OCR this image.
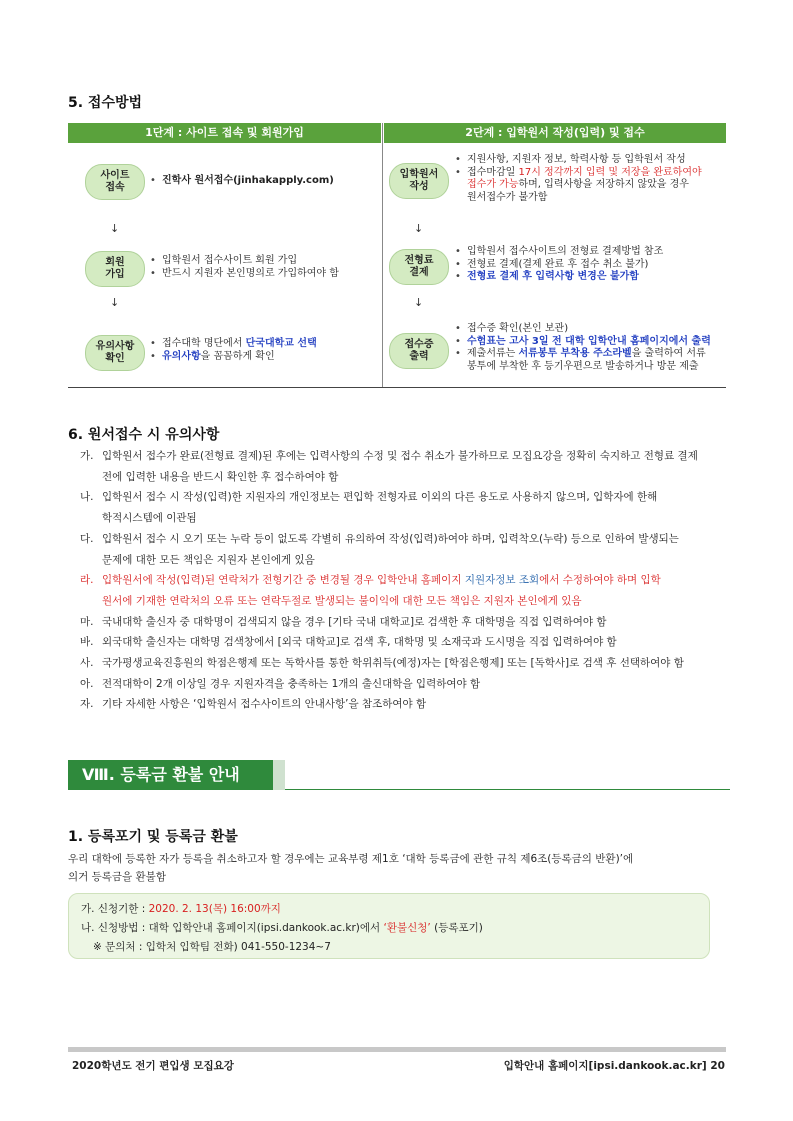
5. 접수방법
1단계 : 사이트 접속 및 회원가입	2단계 : 입학원서 작성(입력) 및 접수
사이트
접속
• 진학사 원서접수(jinhakapply.com)
↓
회원
가입
• 입학원서 접수사이트 회원 가입
• 반드시 지원자 본인명의로 가입하여야 함
↓
유의사항
확인
• 접수대학 명단에서 단국대학교 선택
• 유의사항을 꼼꼼하게 확인
입학원서
작성
• 지원사항, 지원자 정보, 학력사항 등 입학원서 작성
• 접수마감일 17시 정각까지 입력 및 저장을 완료하여야
접수가 가능하며, 입력사항을 저장하지 않았을 경우
원서접수가 불가함
↓
전형료
결제
• 입학원서 접수사이트의 전형료 결제방법 참조
• 전형료 결제(결제 완료 후 접수 취소 불가)
• 전형료 결제 후 입력사항 변경은 불가함
↓
접수증
출력
• 접수증 확인(본인 보관)
• 수험표는 고사 3일 전 대학 입학안내 홈페이지에서 출력
• 제출서류는 서류봉투 부착용 주소라벨을 출력하여 서류
봉투에 부착한 후 등기우편으로 발송하거나 방문 제출
6. 원서접수 시 유의사항
가. 입학원서 접수가 완료(전형료 결제)된 후에는 입력사항의 수정 및 접수 취소가 불가하므로 모집요강을 정확히 숙지하고 전형료 결제
전에 입력한 내용을 반드시 확인한 후 접수하여야 함
나. 입학원서 접수 시 작성(입력)한 지원자의 개인정보는 편입학 전형자료 이외의 다른 용도로 사용하지 않으며, 입학자에 한해
학적시스템에 이관됨
다. 입학원서 접수 시 오기 또는 누락 등이 없도록 각별히 유의하여 작성(입력)하여야 하며, 입력착오(누락) 등으로 인하여 발생되는
문제에 대한 모든 책임은 지원자 본인에게 있음
라. 입학원서에 작성(입력)된 연락처가 전형기간 중 변경될 경우 입학안내 홈페이지 지원자정보 조회에서 수정하여야 하며 입학
원서에 기재한 연락처의 오류 또는 연락두절로 발생되는 불이익에 대한 모든 책임은 지원자 본인에게 있음
마. 국내대학 출신자 중 대학명이 검색되지 않을 경우 [기타 국내 대학교]로 검색한 후 대학명을 직접 입력하여야 함
바. 외국대학 출신자는 대학명 검색창에서 [외국 대학교]로 검색 후, 대학명 및 소재국과 도시명을 직접 입력하여야 함
사. 국가평생교육진흥원의 학점은행제 또는 독학사를 통한 학위취득(예정)자는 [학점은행제] 또는 [독학사]로 검색 후 선택하여야 함
아. 전적대학이 2개 이상일 경우 지원자격을 충족하는 1개의 출신대학을 입력하여야 함
자. 기타 자세한 사항은 ‘입학원서 접수사이트의 안내사항’을 참조하여야 함
Ⅷ. 등록금 환불 안내
1. 등록포기 및 등록금 환불
우리 대학에 등록한 자가 등록을 취소하고자 할 경우에는 교육부령 제1호 ‘대학 등록금에 관한 규칙 제6조(등록금의 반환)’에
의거 등록금을 환불함
가. 신청기한 : 2020. 2. 13(목) 16:00까지
나. 신청방법 : 대학 입학안내 홈페이지(ipsi.dankook.ac.kr)에서 ‘환불신청’ (등록포기)
※ 문의처 : 입학처 입학팀 전화) 041-550-1234~7
2020학년도 전기 편입생 모집요강	입학안내 홈페이지[ipsi.dankook.ac.kr] 20
